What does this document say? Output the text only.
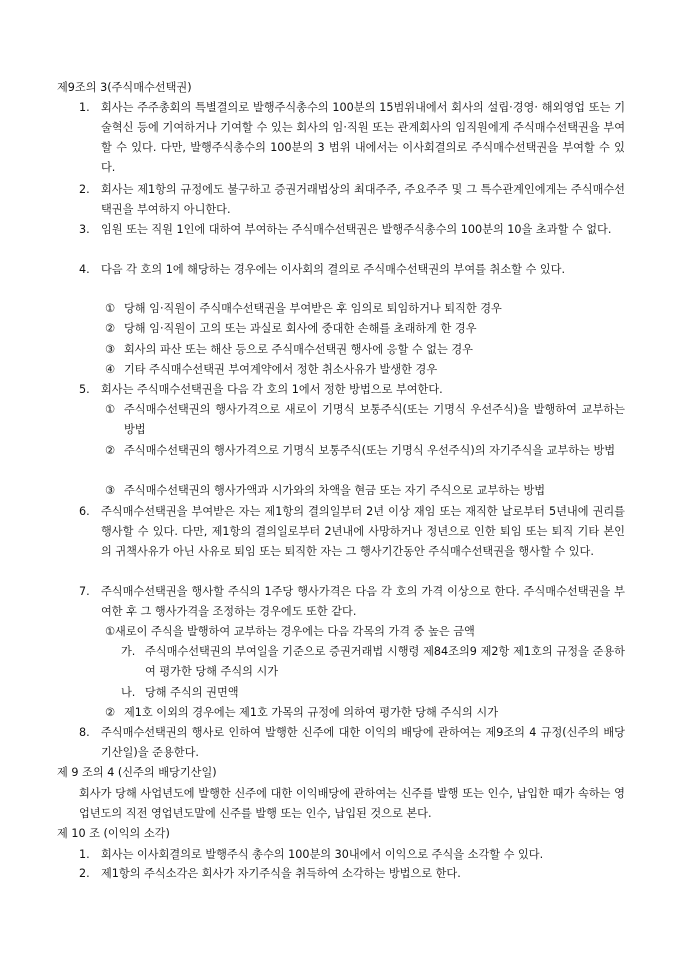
제9조의 3(주식매수선택권)
1.	회사는 주주총회의 특별결의로 발행주식총수의 100분의 15범위내에서 회사의 설립·경영· 해외영업 또는 기술혁신 등에 기여하거나 기여할 수 있는 회사의 임·직원 또는 관계회사의 임직원에게 주식매수선택권을 부여할 수 있다. 다만, 발행주식총수의 100분의 3 범위 내에서는 이사회결의로 주식매수선택권을 부여할 수 있다.
2.	회사는 제1항의 규정에도 불구하고 증권거래법상의 최대주주, 주요주주 및 그 특수관계인에게는 주식매수선택권을 부여하지 아니한다.
3.	임원 또는 직원 1인에 대하여 부여하는 주식매수선택권은 발행주식총수의 100분의 10을 초과할 수 없다.
4.	다음 각 호의 1에 해당하는 경우에는 이사회의 결의로 주식매수선택권의 부여를 취소할 수 있다.
① 당해 임·직원이 주식매수선택권을 부여받은 후 임의로 퇴임하거나 퇴직한 경우
② 당해 임·직원이 고의 또는 과실로 회사에 중대한 손해를 초래하게 한 경우
③ 회사의 파산 또는 해산 등으로 주식매수선택권 행사에 응할 수 없는 경우
④ 기타 주식매수선택권 부여계약에서 정한 취소사유가 발생한 경우
5.	회사는 주식매수선택권을 다음 각 호의 1에서 정한 방법으로 부여한다.
① 주식매수선택권의 행사가격으로 새로이 기명식 보통주식(또는 기명식 우선주식)을 발행하여 교부하는 방법
② 주식매수선택권의 행사가격으로 기명식 보통주식(또는 기명식 우선주식)의 자기주식을 교부하는 방법
③ 주식매수선택권의 행사가액과 시가와의 차액을 현금 또는 자기 주식으로 교부하는 방법
6.	주식매수선택권을 부여받은 자는 제1항의 결의일부터 2년 이상 재임 또는 재직한 날로부터 5년내에 권리를 행사할 수 있다. 다만, 제1항의 결의일로부터 2년내에 사망하거나 정년으로 인한 퇴임 또는 퇴직 기타 본인의 귀책사유가 아닌 사유로 퇴임 또는 퇴직한 자는 그 행사기간동안 주식매수선택권을 행사할 수 있다.
7.	주식매수선택권을 행사할 주식의 1주당 행사가격은 다음 각 호의 가격 이상으로 한다. 주식매수선택권을 부여한 후 그 행사가격을 조정하는 경우에도 또한 같다.
①새로이 주식을 발행하여 교부하는 경우에는 다음 각목의 가격 중 높은 금액
가. 주식매수선택권의 부여일을 기준으로 증권거래법 시행령 제84조의9 제2항 제1호의 규정을 준용하여 평가한 당해 주식의 시가
나. 당해 주식의 권면액
② 제1호 이외의 경우에는 제1호 가목의 규정에 의하여 평가한 당해 주식의 시가
8.	주식매수선택권의 행사로 인하여 발행한 신주에 대한 이익의 배당에 관하여는 제9조의 4 규정(신주의 배당기산일)을 준용한다.
제 9 조의 4 (신주의 배당기산일)
회사가 당해 사업년도에 발행한 신주에 대한 이익배당에 관하여는 신주를 발행 또는 인수, 납입한 때가 속하는 영업년도의 직전 영업년도말에 신주를 발행 또는 인수, 납입된 것으로 본다.
제 10 조 (이익의 소각)
1.	회사는 이사회결의로 발행주식 총수의 100분의 30내에서 이익으로 주식을 소각할 수 있다.
2.	제1항의 주식소각은 회사가 자기주식을 취득하여 소각하는 방법으로 한다.
